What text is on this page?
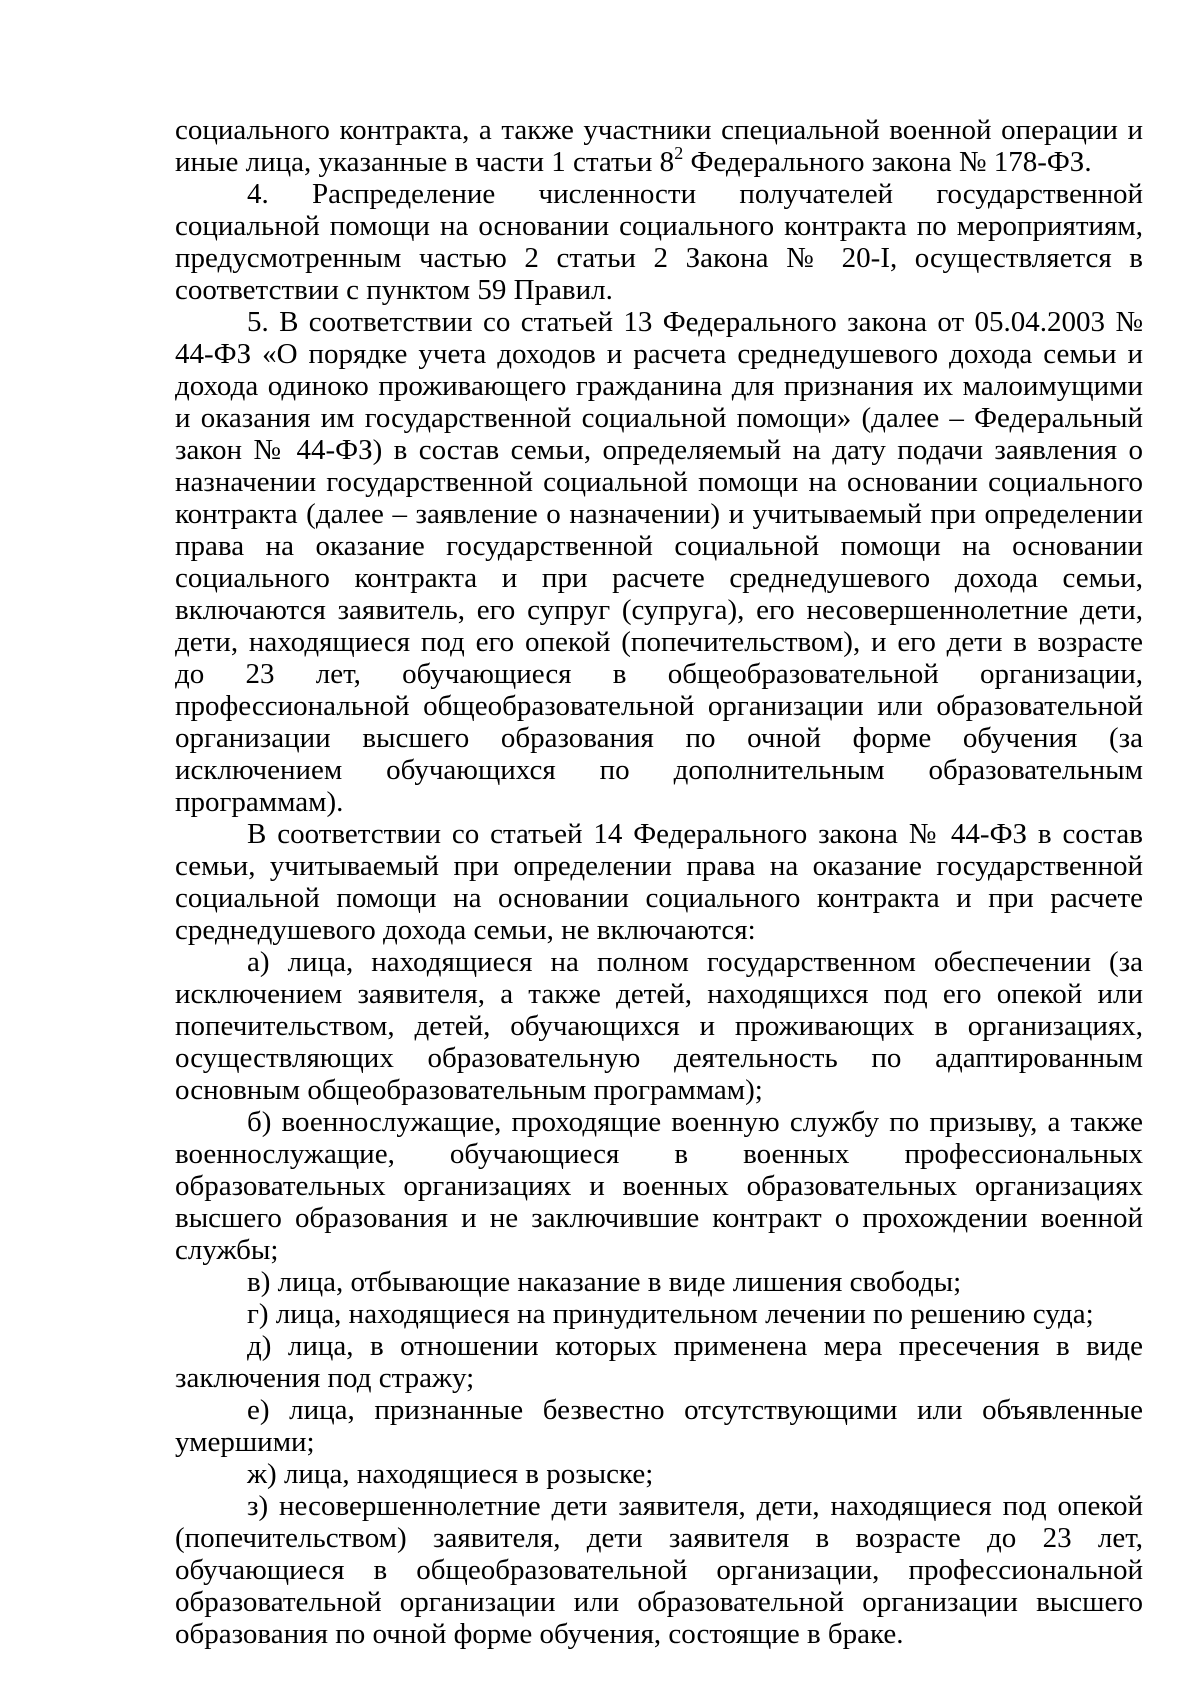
социального контракта, а также участники специальной военной операции и иные лица, указанные в части 1 статьи $8^2$ Федерального закона № 178-ФЗ.

4. Распределение численности получателей государственной социальной помощи на основании социального контракта по мероприятиям, предусмотренным частью 2 статьи 2 Закона № 20-I, осуществляется в соответствии с пунктом 59 Правил.

5. В соответствии со статьей 13 Федерального закона от 05.04.2003 № 44-ФЗ «О порядке учета доходов и расчета среднедушевого дохода семьи и дохода одиноко проживающего гражданина для признания их малоимущими и оказания им государственной социальной помощи» (далее – Федеральный закон № 44-ФЗ) в состав семьи, определяемый на дату подачи заявления о назначении государственной социальной помощи на основании социального контракта (далее – заявление о назначении) и учитываемый при определении права на оказание государственной социальной помощи на основании социального контракта и при расчете среднедушевого дохода семьи, включаются заявитель, его супруг (супруга), его несовершеннолетние дети, дети, находящиеся под его опекой (попечительством), и его дети в возрасте до 23 лет, обучающиеся в общеобразовательной организации, профессиональной общеобразовательной организации или образовательной организации высшего образования по очной форме обучения (за исключением обучающихся по дополнительным образовательным программам).

В соответствии со статьей 14 Федерального закона № 44-ФЗ в состав семьи, учитываемый при определении права на оказание государственной социальной помощи на основании социального контракта и при расчете среднедушевого дохода семьи, не включаются:

а) лица, находящиеся на полном государственном обеспечении (за исключением заявителя, а также детей, находящихся под его опекой или попечительством, детей, обучающихся и проживающих в организациях, осуществляющих образовательную деятельность по адаптированным основным общеобразовательным программам);

б) военнослужащие, проходящие военную службу по призыву, а также военнослужащие, обучающиеся в военных профессиональных образовательных организациях и военных образовательных организациях высшего образования и не заключившие контракт о прохождении военной службы;

в) лица, отбывающие наказание в виде лишения свободы;

г) лица, находящиеся на принудительном лечении по решению суда;

д) лица, в отношении которых применена мера пресечения в виде заключения под стражу;

е) лица, признанные безвестно отсутствующими или объявленные умершими;

ж) лица, находящиеся в розыске;

з) несовершеннолетние дети заявителя, дети, находящиеся под опекой (попечительством) заявителя, дети заявителя в возрасте до 23 лет, обучающиеся в общеобразовательной организации, профессиональной образовательной организации или образовательной организации высшего образования по очной форме обучения, состоящие в браке.
